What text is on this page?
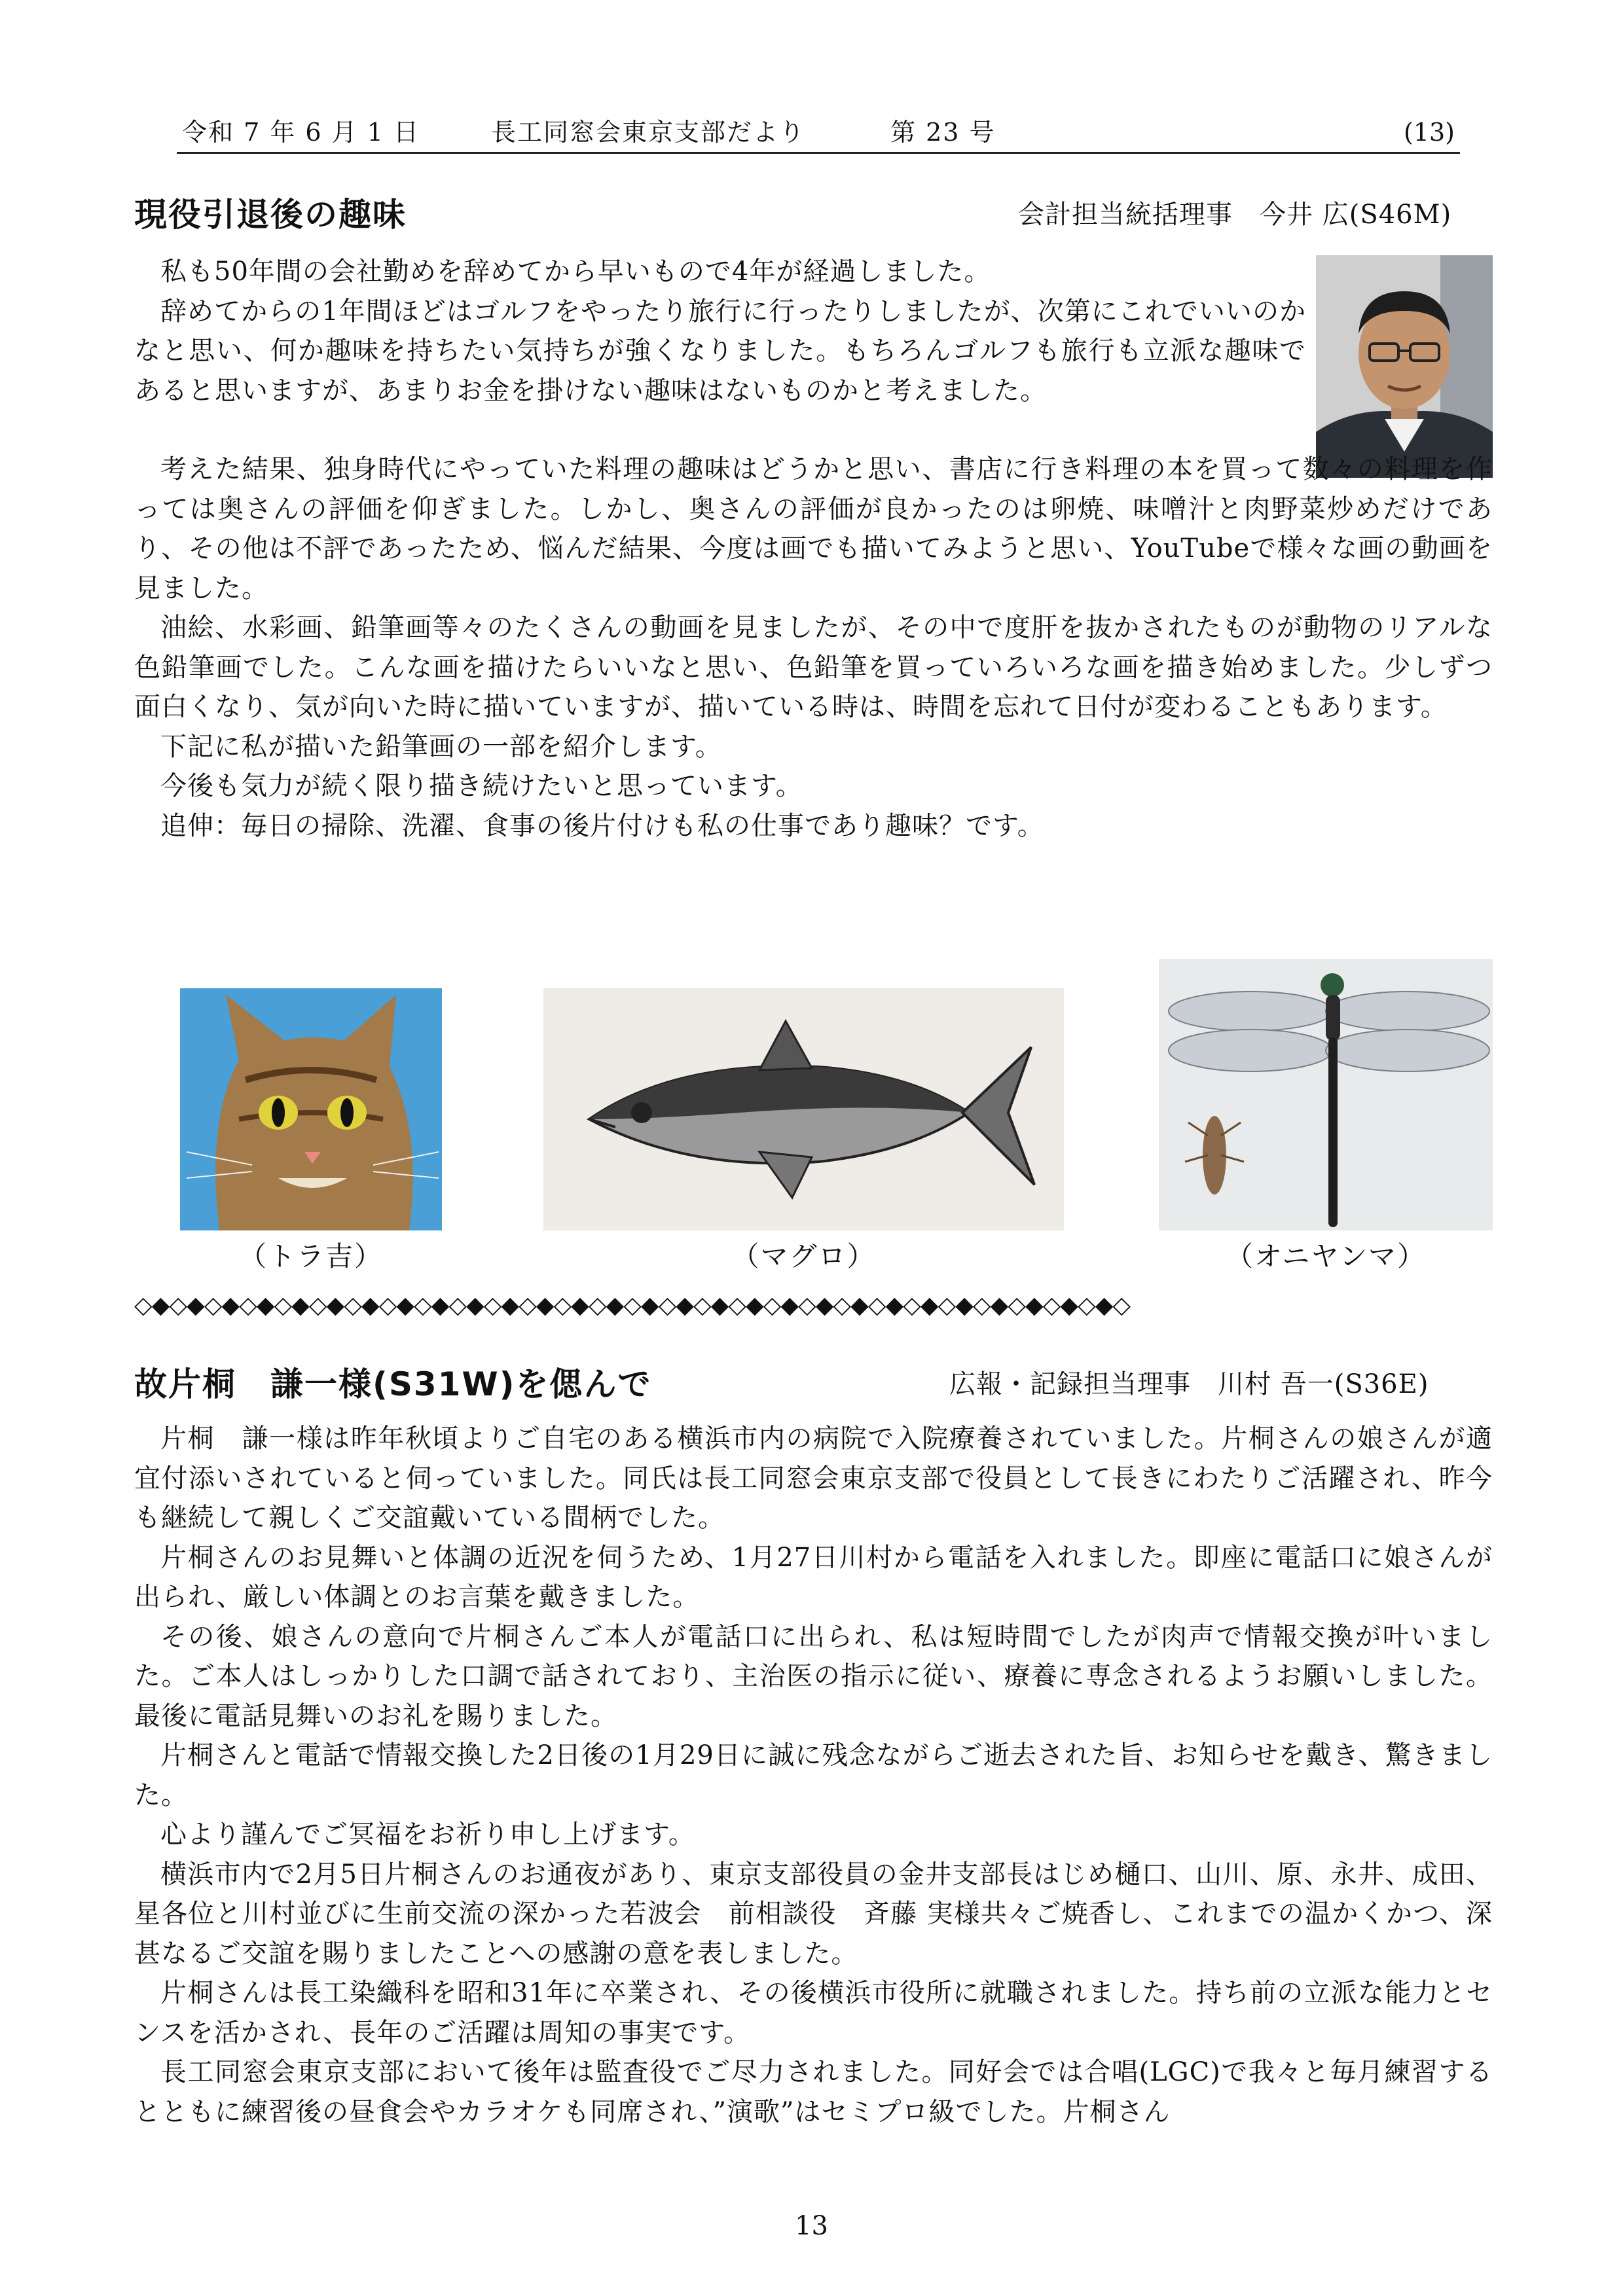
令和 7 年 6 月 1 日	長工同窓会東京支部だより	第 23 号	(13)
現役引退後の趣味	会計担当統括理事　今井 広(S46M)

私も50年間の会社勤めを辞めてから早いもので4年が経過しました。

辞めてからの1年間ほどはゴルフをやったり旅行に行ったりしましたが、次第にこれでいいのかなと思い、何か趣味を持ちたい気持ちが強くなりました。もちろんゴルフも旅行も立派な趣味であると思いますが、あまりお金を掛けない趣味はないものかと考えました。

考えた結果、独身時代にやっていた料理の趣味はどうかと思い、書店に行き料理の本を買って数々の料理を作っては奥さんの評価を仰ぎました。しかし、奥さんの評価が良かったのは卵焼、味噌汁と肉野菜炒めだけであり、その他は不評であったため、悩んだ結果、今度は画でも描いてみようと思い、YouTubeで様々な画の動画を見ました。

油絵、水彩画、鉛筆画等々のたくさんの動画を見ましたが、その中で度肝を抜かされたものが動物のリアルな色鉛筆画でした。こんな画を描けたらいいなと思い、色鉛筆を買っていろいろな画を描き始めました。少しずつ面白くなり、気が向いた時に描いていますが、描いている時は、時間を忘れて日付が変わることもあります。

下記に私が描いた鉛筆画の一部を紹介します。

今後も気力が続く限り描き続けたいと思っています。

追伸：毎日の掃除、洗濯、食事の後片付けも私の仕事であり趣味？です。

（トラ吉）	（マグロ）	（オニヤンマ）
◇◆◇◆◇◆◇◆◇◆◇◆◇◆◇◆◇◆◇◆◇◆◇◆◇◆◇◆◇◆◇◆◇◆◇◆◇◆◇◆◇◆◇◆◇◆◇◆◇◆◇◆◇◆◇◆◇
故片桐　謙一様(S31W)を偲んで	広報・記録担当理事　川村 吾一(S36E)

片桐　謙一様は昨年秋頃よりご自宅のある横浜市内の病院で入院療養されていました。片桐さんの娘さんが適宜付添いされていると伺っていました。同氏は長工同窓会東京支部で役員として長きにわたりご活躍され、昨今も継続して親しくご交誼戴いている間柄でした。

片桐さんのお見舞いと体調の近況を伺うため、1月27日川村から電話を入れました。即座に電話口に娘さんが出られ、厳しい体調とのお言葉を戴きました。

その後、娘さんの意向で片桐さんご本人が電話口に出られ、私は短時間でしたが肉声で情報交換が叶いました。ご本人はしっかりした口調で話されており、主治医の指示に従い、療養に専念されるようお願いしました。最後に電話見舞いのお礼を賜りました。

片桐さんと電話で情報交換した2日後の1月29日に誠に残念ながらご逝去された旨、お知らせを戴き、驚きました。

心より謹んでご冥福をお祈り申し上げます。

横浜市内で2月5日片桐さんのお通夜があり、東京支部役員の金井支部長はじめ樋口、山川、原、永井、成田、星各位と川村並びに生前交流の深かった若波会　前相談役　斉藤 実様共々ご焼香し、これまでの温かくかつ、深甚なるご交誼を賜りましたことへの感謝の意を表しました。

片桐さんは長工染織科を昭和31年に卒業され、その後横浜市役所に就職されました。持ち前の立派な能力とセンスを活かされ、長年のご活躍は周知の事実です。

長工同窓会東京支部において後年は監査役でご尽力されました。同好会では合唱(LGC)で我々と毎月練習するとともに練習後の昼食会やカラオケも同席され、”演歌”はセミプロ級でした。片桐さん

13
